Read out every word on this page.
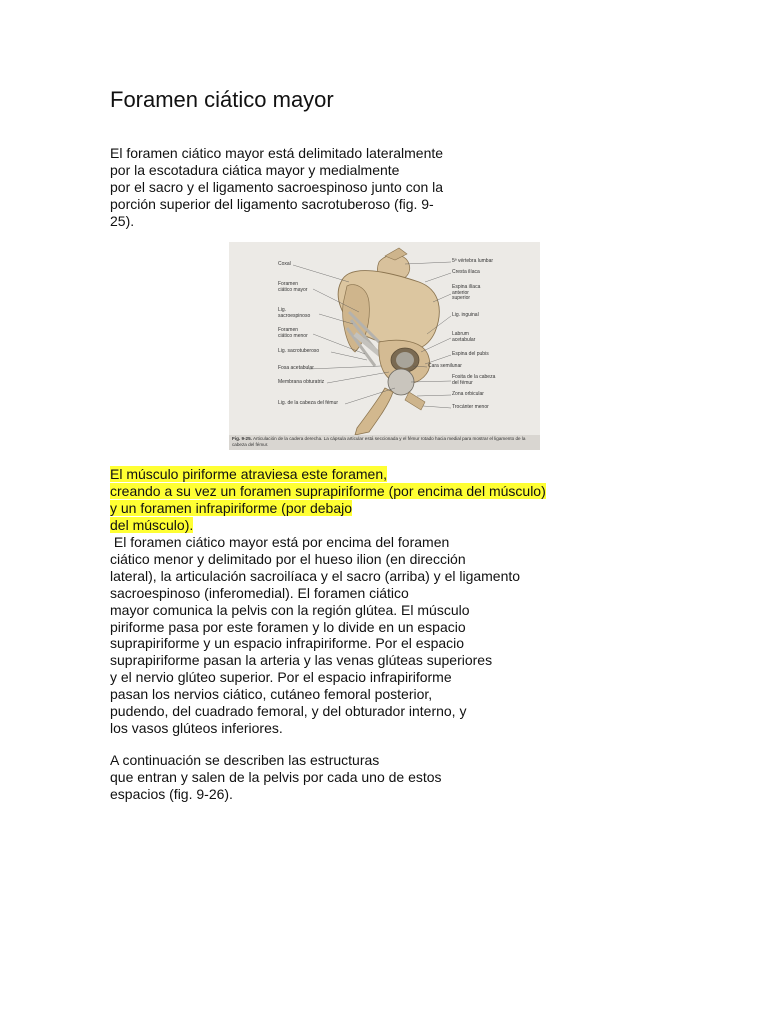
Foramen ciático mayor
El foramen ciático mayor está delimitado lateralmente
por la escotadura ciática mayor y medialmente
por el sacro y el ligamento sacroespinoso junto con la
porción superior del ligamento sacrotuberoso (fig. 9-
25).
Coxal
Foramen
ciático mayor
Lig.
sacroespinoso
Foramen
ciático menor
Lig. sacrotuberoso
Fosa acetabular
Membrana obturatriz
Lig. de la cabeza del fémur
5ª vértebra lumbar
Cresta ilíaca
Espina ilíaca
anterior
superior
Lig. inguinal
Labrum
acetabular
Espina del pubis
Cara semilunar
Fosita de la cabeza
del fémur
Zona orbicular
Trocánter menor
Fig. 9-25. Articulación de la cadera derecha. La cápsula articular está seccionada y el fémur rotado hacia medial para mostrar el ligamento de la cabeza del fémur.
El músculo piriforme atraviesa este foramen,
creando a su vez un foramen suprapiriforme (por encima del músculo)
y un foramen infrapiriforme (por debajo
del músculo).
El foramen ciático mayor está por encima del foramen
ciático menor y delimitado por el hueso ilion (en dirección
lateral), la articulación sacroilíaca y el sacro (arriba) y el ligamento
sacroespinoso (inferomedial). El foramen ciático
mayor comunica la pelvis con la región glútea. El músculo
piriforme pasa por este foramen y lo divide en un espacio
suprapiriforme y un espacio infrapiriforme. Por el espacio
suprapiriforme pasan la arteria y las venas glúteas superiores
y el nervio glúteo superior. Por el espacio infrapiriforme
pasan los nervios ciático, cutáneo femoral posterior,
pudendo, del cuadrado femoral, y del obturador interno, y
los vasos glúteos inferiores.
A continuación se describen las estructuras
que entran y salen de la pelvis por cada uno de estos
espacios (fig. 9-26).
